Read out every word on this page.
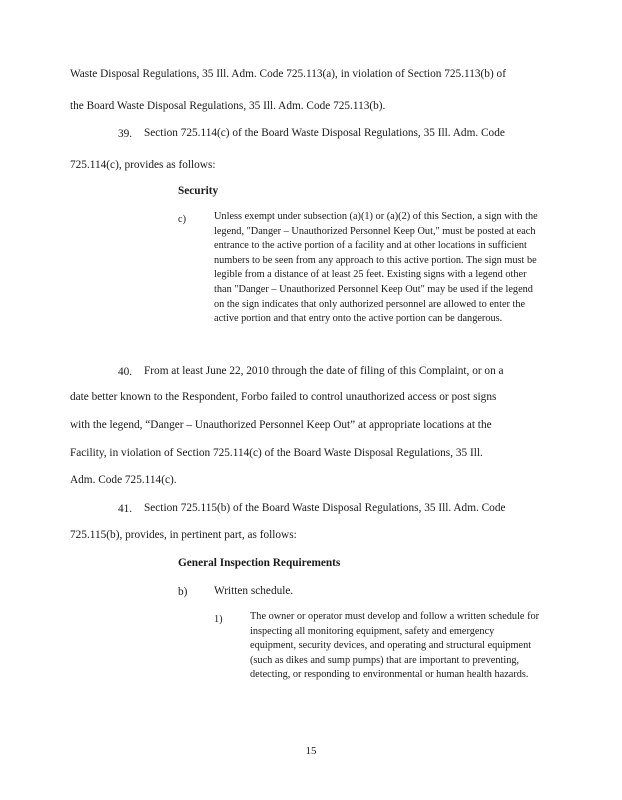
Waste Disposal Regulations, 35 Ill. Adm. Code 725.113(a), in violation of Section 725.113(b) of
the Board Waste Disposal Regulations, 35 Ill. Adm. Code 725.113(b).
39. Section 725.114(c) of the Board Waste Disposal Regulations, 35 Ill. Adm. Code
725.114(c), provides as follows:
Security
c)	Unless exempt under subsection (a)(1) or (a)(2) of this Section, a sign with the legend, "Danger – Unauthorized Personnel Keep Out," must be posted at each entrance to the active portion of a facility and at other locations in sufficient numbers to be seen from any approach to this active portion. The sign must be legible from a distance of at least 25 feet. Existing signs with a legend other than "Danger – Unauthorized Personnel Keep Out" may be used if the legend on the sign indicates that only authorized personnel are allowed to enter the active portion and that entry onto the active portion can be dangerous.
40. From at least June 22, 2010 through the date of filing of this Complaint, or on a
date better known to the Respondent, Forbo failed to control unauthorized access or post signs
with the legend, “Danger – Unauthorized Personnel Keep Out” at appropriate locations at the
Facility, in violation of Section 725.114(c) of the Board Waste Disposal Regulations, 35 Ill.
Adm. Code 725.114(c).
41. Section 725.115(b) of the Board Waste Disposal Regulations, 35 Ill. Adm. Code
725.115(b), provides, in pertinent part, as follows:
General Inspection Requirements
b) Written schedule.
1)	The owner or operator must develop and follow a written schedule for inspecting all monitoring equipment, safety and emergency equipment, security devices, and operating and structural equipment (such as dikes and sump pumps) that are important to preventing, detecting, or responding to environmental or human health hazards.
15
